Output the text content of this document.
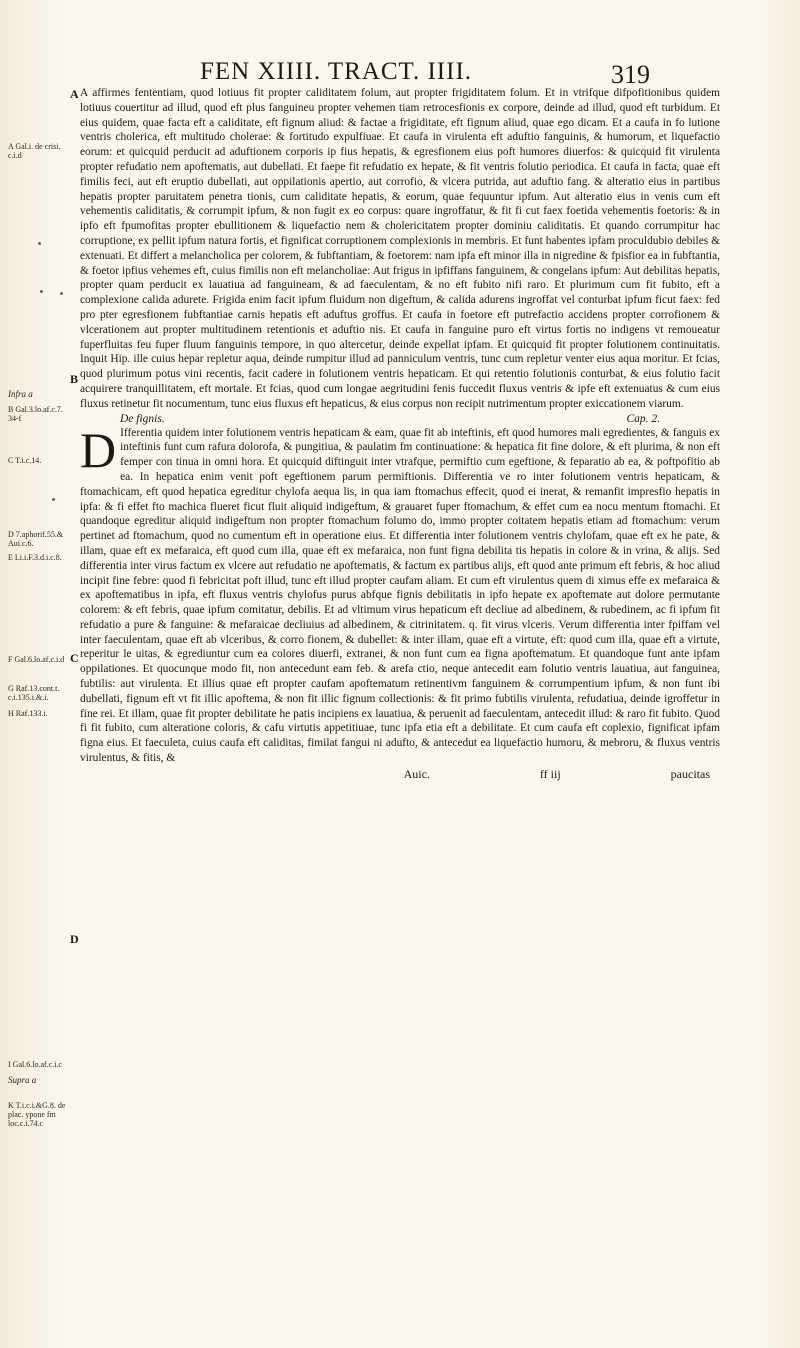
FEN XIIII. TRACT. IIII.	319
A Gal.i. de crisi. c.i.d
Infra a
B Gal.3.lo.af.c.7. 34-f
C T.i.c.14.
D 7.aphorif.55.& Aui.c.6.
E Li.i.F.3.d.i.c.8.
F Gal.6.lo.af.c.i.d
G Raf.13.cont.t. c.i.135.i.&.i.
H Raf.133.i.
I Gal.6.lo.af.c.i.c
Supra a
K T.i.c.i.&G.8. de plac. ypone fm loc.c.i.74.c
A
B
C
D

A affirmes fententiam, quod lotiuus fit propter caliditatem folum, aut propter frigiditatem folum. Et in vtrifque difpofitionibus quidem lotiuus couertitur ad illud, quod eft plus fanguineu propter vehemen tiam retrocesfionis ex corpore, deinde ad illud, quod eft turbidum. Et eius quidem, quae facta eft a caliditate, eft fignum aliud: & factae a frigiditate, eft fignum aliud, quae ego dicam. Et a caufa in fo lutione ventris cholerica, eft multitudo cholerae: & fortitudo expulfiuae. Et caufa in virulenta eft aduftio fanguinis, & humorum, et liquefactio eorum: et quicquid perducit ad aduftionem corporis ip fius hepatis, & egresfionem eius poft humores diuerfos: & quicquid fit virulenta propter refudatio nem apoftematis, aut dubellati. Et faepe fit refudatio ex hepate, & fit ventris folutio periodica. Et caufa in facta, quae eft fimilis feci, aut eft eruptio dubellati, aut oppilationis apertio, aut corrofio, & vlcera putrida, aut aduftio fang. & alteratio eius in partibus hepatis propter paruitatem penetra tionis, cum caliditate hepatis, & eorum, quae fequuntur ipfum. Aut alteratio eius in venis cum eft vehementis caliditatis, & corrumpit ipfum, & non fugit ex eo corpus: quare ingroffatur, & fit fi cut faex foetida vehementis foetoris: & in ipfo eft fpumofitas propter ebullitionem & liquefactio nem & cholericitatem propter dominiu caliditatis. Et quando corrumpitur hac corruptione, ex pellit ipfum natura fortis, et fignificat corruptionem complexionis in membris. Et funt habentes ipfam proculdubio debiles & extenuati. Et differt a melancholica per colorem, & fubftantiam, & foetorem: nam ipfa eft minor illa in nigredine & fpisfior ea in fubftantia, & foetor ipfius vehemes eft, cuius fimilis non eft melancholiae: Aut frigus in ipfiffans fanguinem, & congelans ipfum: Aut debilitas hepatis, propter quam perducit ex lauatiua ad fanguineam, & ad faeculentam, & no eft fubito nifi raro. Et plurimum cum fit fubito, eft a complexione calida adurete. Frigida enim facit ipfum fluidum non digeftum, & calida adurens ingroffat vel conturbat ipfum ficut faex: fed pro pter egresfionem fubftantiae carnis hepatis eft aduftus groffus. Et caufa in foetore eft putrefactio accidens propter corrofionem & vlcerationem aut propter multitudinem retentionis et aduftio nis. Et caufa in fanguine puro eft virtus fortis no indigens vt remoueatur fuperfluitas feu fuper fluum fanguinis tempore, in quo altercetur, deinde expellat ipfam. Et quicquid fit propter folutionem continuitatis. Inquit Hip. ille cuius hepar repletur aqua, deinde rumpitur illud ad panniculum ventris, tunc cum repletur venter eius aqua moritur. Et fcias, quod plurimum potus vini recentis, facit cadere in folutionem ventris hepaticam. Et qui retentio folutionis conturbat, & eius folutio facit acquirere tranquillitatem, eft mortale. Et fcias, quod cum longae aegritudini fenis fuccedit fluxus ventris & ipfe eft extenuatus & cum eius fluxus retinetur fit nocumentum, tunc eius fluxus eft hepaticus, & eius corpus non recipit nutrimentum propter exiccationem viarum.

De fignis.	Cap. 2.

D Ifferentia quidem inter folutionem ventris hepaticam & eam, quae fit ab inteftinis, eft quod humores mali egredientes, & fanguis ex inteftinis funt cum rafura dolorofa, & pungitiua, & paulatim fm continuatione: & hepatica fit fine dolore, & eft plurima, & non eft femper con tinua in omni hora. Et quicquid diftinguit inter vtrafque, permiftio cum egeftione, & feparatio ab ea, & poftpofitio ab ea. In hepatica enim venit poft egeftionem parum permiftionis. Differentia ve ro inter folutionem ventris hepaticam, & ftomachicam, eft quod hepatica egreditur chylofa aequa lis, in qua iam ftomachus effecit, quod ei inerat, & remanfit impresfio hepatis in ipfa: & fi effet fto machica flueret ficut fluit aliquid indigeftum, & grauaret fuper ftomachum, & effet cum ea nocu mentum ftomachi. Et quandoque egreditur aliquid indigeftum non propter ftomachum folumo do, immo propter coitatem hepatis etiam ad ftomachum: verum pertinet ad ftomachum, quod no cumentum eft in operatione eius. Et differentia inter folutionem ventris chylofam, quae eft ex he pate, & illam, quae eft ex mefaraica, eft quod cum illa, quae eft ex mefaraica, non funt figna debilita tis hepatis in colore & in vrina, & alijs. Sed differentia inter virus factum ex vlcere aut refudatio ne apoftematis, & factum ex partibus alijs, eft quod ante primum eft febris, & hoc aliud incipit fine febre: quod fi febricitat poft illud, tunc eft illud propter caufam aliam. Et cum eft virulentus quem di ximus effe ex mefaraica & ex apoftematibus in ipfa, eft fluxus ventris chylofus purus abfque fignis debilitatis in ipfo hepate ex apoftemate aut dolore permutante colorem: & eft febris, quae ipfum comitatur, debilis. Et ad vltimum virus hepaticum eft decliue ad albedinem, & rubedinem, ac fi ipfum fit refudatio a pure & fanguine: & mefaraicae decliuius ad albedinem, & citrinitatem. q. fit virus vlceris. Verum differentia inter fpiffam vel inter faeculentam, quae eft ab vlceribus, & corro fionem, & dubellet: & inter illam, quae eft a virtute, eft: quod cum illa, quae eft a virtute, reperitur le uitas, & egrediuntur cum ea colores diuerfi, extranei, & non funt cum ea figna apoftematum. Et quandoque funt ante ipfam oppilationes. Et quocunque modo fit, non antecedunt eam feb. & arefa ctio, neque antecedit eam folutio ventris lauatiua, aut fanguinea, fubtilis: aut virulenta. Et illius quae eft propter caufam apoftematum retinentivm fanguinem & corrumpentium ipfum, & non funt ibi dubellati, fignum eft vt fit illic apoftema, & non fit illic fignum collectionis: & fit primo fubtilis virulenta, refudatiua, deinde igroffetur in fine rei. Et illam, quae fit propter debilitate he patis incipiens ex lauatiua, & peruenit ad faeculentam, antecedit illud: & raro fit fubito. Quod fi fit fubito, cum alteratione coloris, & cafu virtutis appetitiuae, tunc ipfa etia eft a debilitate. Et cum caufa eft coplexio, fignificat ipfam figna eius. Et faeculeta, cuius caufa eft caliditas, fimilat fangui ni adufto, & antecedut ea liquefactio humoru, & mebroru, & fluxus ventris virulentus, & fitis, &

Auic.	ff iij	paucitas
